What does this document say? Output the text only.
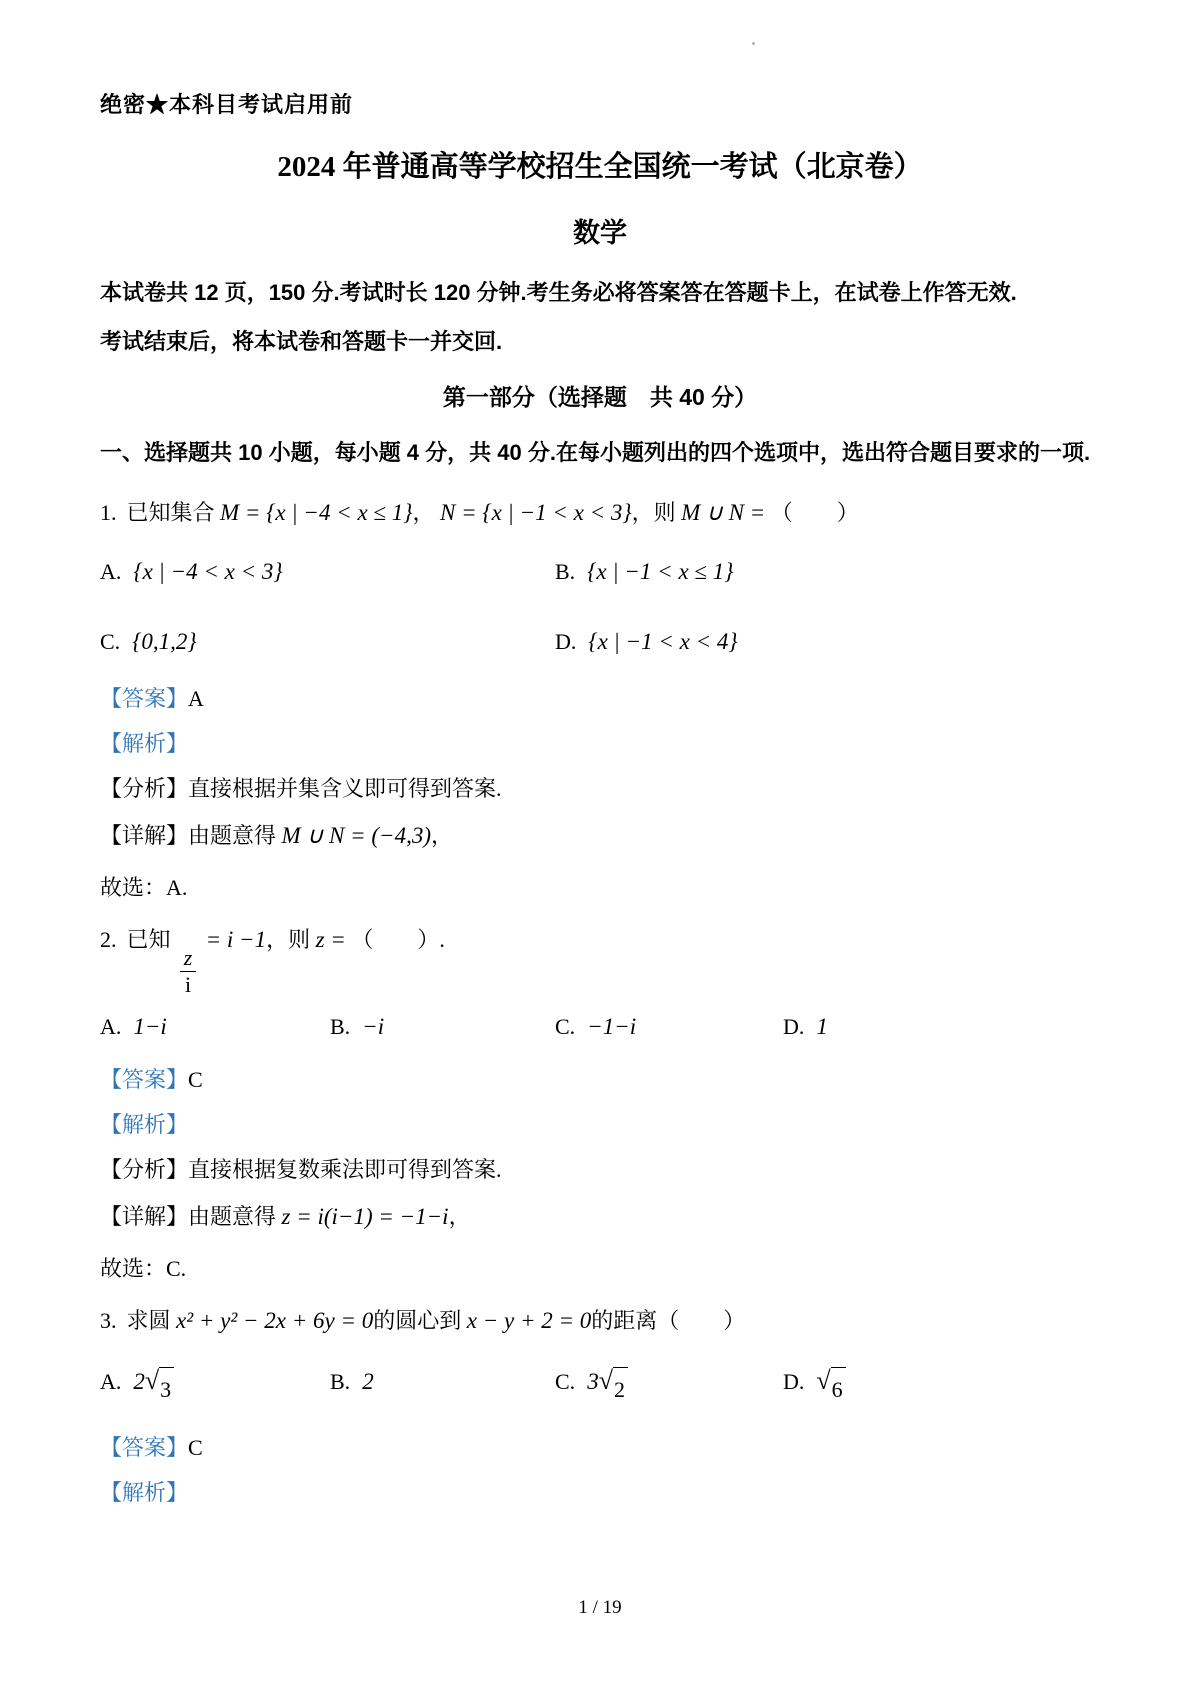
绝密★本科目考试启用前
2024 年普通高等学校招生全国统一考试（北京卷）
数学

本试卷共 12 页，150 分.考试时长 120 分钟.考生务必将答案答在答题卡上，在试卷上作答无效.

考试结束后，将本试卷和答题卡一并交回.

第一部分（选择题　共 40 分）

一、选择题共 10 小题，每小题 4 分，共 40 分.在每小题列出的四个选项中，选出符合题目要求的一项.

1. 已知集合 M = {x | −4 < x ≤ 1}， N = {x | −1 < x < 3}，则 M ∪ N = （　　）
A. {x | −4 < x < 3}	B. {x | −1 < x ≤ 1}
C. {0,1,2}	D. {x | −1 < x < 4}

【答案】A

【解析】

【分析】直接根据并集含义即可得到答案.

【详解】由题意得 M ∪ N = (−4,3)，

故选：A.

2. 已知
$\frac{z}{i}$
= i −1，则 z = （　　）.
A. 1−i	B. −i	C. −1−i	D. 1

【答案】C

【解析】

【分析】直接根据复数乘法即可得到答案.

【详解】由题意得 z = i(i−1) = −1−i，

故选：C.

3. 求圆 x² + y² − 2x + 6y = 0的圆心到 x − y + 2 = 0的距离（　　）
A. 2 √ 3	B. 2	C. 3 √ 2	D. √ 6

【答案】C

【解析】

1 / 19
